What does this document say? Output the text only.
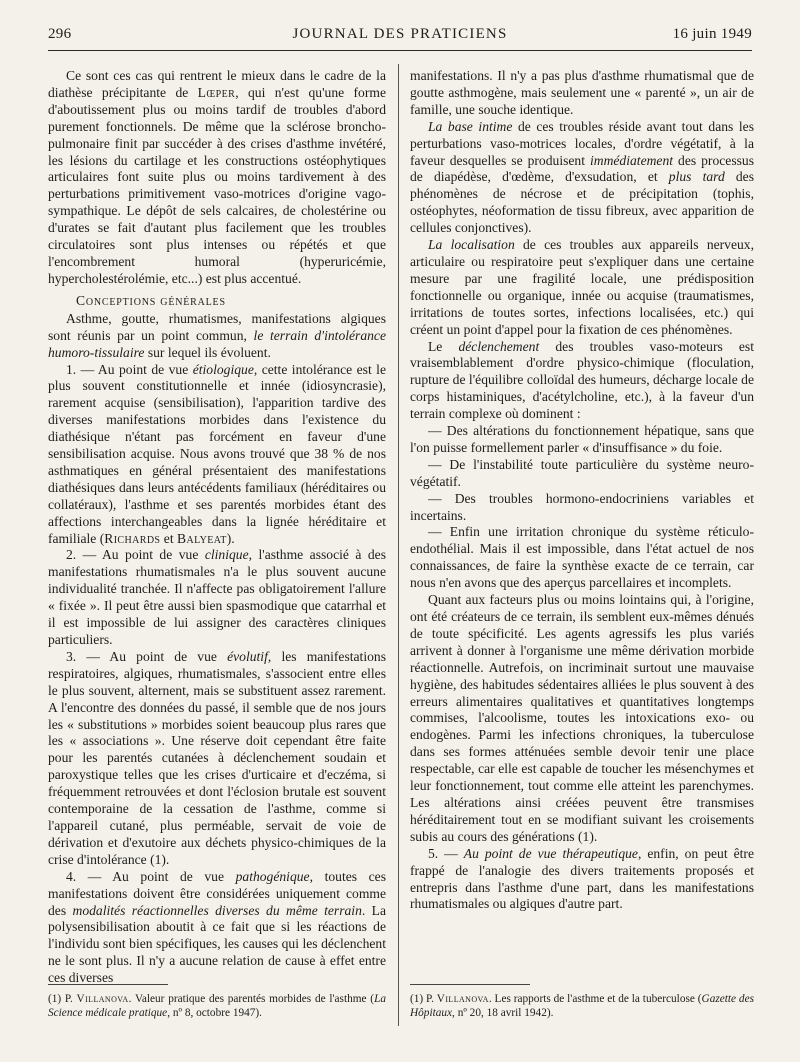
JOURNAL DES PRATICIENS
296	16 juin 1949

Ce sont ces cas qui rentrent le mieux dans le cadre de la diathèse précipitante de Lœper, qui n'est qu'une forme d'aboutissement plus ou moins tardif de troubles d'abord purement fonctionnels. De même que la sclérose broncho-pulmonaire finit par succéder à des crises d'asthme invétéré, les lésions du cartilage et les constructions ostéophytiques articulaires font suite plus ou moins tardivement à des perturbations primitivement vaso-motrices d'origine vago-sympathique. Le dépôt de sels calcaires, de cholestérine ou d'urates se fait d'autant plus facilement que les troubles circulatoires sont plus intenses ou répétés et que l'encombrement humoral (hyperuricémie, hypercholestérolémie, etc...) est plus accentué.

Conceptions générales

Asthme, goutte, rhumatismes, manifestations algiques sont réunis par un point commun, le terrain d'intolérance humoro-tissulaire sur lequel ils évoluent.

1. — Au point de vue étiologique, cette intolérance est le plus souvent constitutionnelle et innée (idiosyncrasie), rarement acquise (sensibilisation), l'apparition tardive des diverses manifestations morbides dans l'existence du diathésique n'étant pas forcément en faveur d'une sensibilisation acquise. Nous avons trouvé que 38 % de nos asthmatiques en général présentaient des manifestations diathésiques dans leurs antécédents familiaux (héréditaires ou collatéraux), l'asthme et ses parentés morbides étant des affections interchangeables dans la lignée héréditaire et familiale (Richards et Balyeat).

2. — Au point de vue clinique, l'asthme associé à des manifestations rhumatismales n'a le plus souvent aucune individualité tranchée. Il n'affecte pas obligatoirement l'allure « fixée ». Il peut être aussi bien spasmodique que catarrhal et il est impossible de lui assigner des caractères cliniques particuliers.

3. — Au point de vue évolutif, les manifestations respiratoires, algiques, rhumatismales, s'associent entre elles le plus souvent, alternent, mais se substituent assez rarement. A l'encontre des données du passé, il semble que de nos jours les « substitutions » morbides soient beaucoup plus rares que les « associations ». Une réserve doit cependant être faite pour les parentés cutanées à déclenchement soudain et paroxystique telles que les crises d'urticaire et d'eczéma, si fréquemment retrouvées et dont l'éclosion brutale est souvent contemporaine de la cessation de l'asthme, comme si l'appareil cutané, plus perméable, servait de voie de dérivation et d'exutoire aux déchets physico-chimiques de la crise d'intolérance (1).

4. — Au point de vue pathogénique, toutes ces manifestations doivent être considérées uniquement comme des modalités réactionnelles diverses du même terrain. La polysensibilisation aboutit à ce fait que si les réactions de l'individu sont bien spécifiques, les causes qui les déclenchent ne le sont plus. Il n'y a aucune relation de cause à effet entre ces diverses

manifestations. Il n'y a pas plus d'asthme rhumatismal que de goutte asthmogène, mais seulement une « parenté », un air de famille, une souche identique.

La base intime de ces troubles réside avant tout dans les perturbations vaso-motrices locales, d'ordre végétatif, à la faveur desquelles se produisent immédiatement des processus de diapédèse, d'œdème, d'exsudation, et plus tard des phénomènes de nécrose et de précipitation (tophis, ostéophytes, néoformation de tissu fibreux, avec apparition de cellules conjonctives).

La localisation de ces troubles aux appareils nerveux, articulaire ou respiratoire peut s'expliquer dans une certaine mesure par une fragilité locale, une prédisposition fonctionnelle ou organique, innée ou acquise (traumatismes, irritations de toutes sortes, infections localisées, etc.) qui créent un point d'appel pour la fixation de ces phénomènes.

Le déclenchement des troubles vaso-moteurs est vraisemblablement d'ordre physico-chimique (floculation, rupture de l'équilibre colloïdal des humeurs, décharge locale de corps histaminiques, d'acétylcholine, etc.), à la faveur d'un terrain complexe où dominent :

— Des altérations du fonctionnement hépatique, sans que l'on puisse formellement parler « d'insuffisance » du foie.

— De l'instabilité toute particulière du système neuro-végétatif.

— Des troubles hormono-endocriniens variables et incertains.

— Enfin une irritation chronique du système réticulo-endothélial. Mais il est impossible, dans l'état actuel de nos connaissances, de faire la synthèse exacte de ce terrain, car nous n'en avons que des aperçus parcellaires et incomplets.

Quant aux facteurs plus ou moins lointains qui, à l'origine, ont été créateurs de ce terrain, ils semblent eux-mêmes dénués de toute spécificité. Les agents agressifs les plus variés arrivent à donner à l'organisme une même dérivation morbide réactionnelle. Autrefois, on incriminait surtout une mauvaise hygiène, des habitudes sédentaires alliées le plus souvent à des erreurs alimentaires qualitatives et quantitatives longtemps commises, l'alcoolisme, toutes les intoxications exo- ou endogènes. Parmi les infections chroniques, la tuberculose dans ses formes atténuées semble devoir tenir une place respectable, car elle est capable de toucher les mésenchymes et leur fonctionnement, tout comme elle atteint les parenchymes. Les altérations ainsi créées peuvent être transmises héréditairement tout en se modifiant suivant les croisements subis au cours des générations (1).

5. — Au point de vue thérapeutique, enfin, on peut être frappé de l'analogie des divers traitements proposés et entrepris dans l'asthme d'une part, dans les manifestations rhumatismales ou algiques d'autre part.

(1) P. Villanova. Valeur pratique des parentés morbides de l'asthme (La Science médicale pratique, nº 8, octobre 1947).
(1) P. Villanova. Les rapports de l'asthme et de la tuberculose (Gazette des Hôpitaux, nº 20, 18 avril 1942).
